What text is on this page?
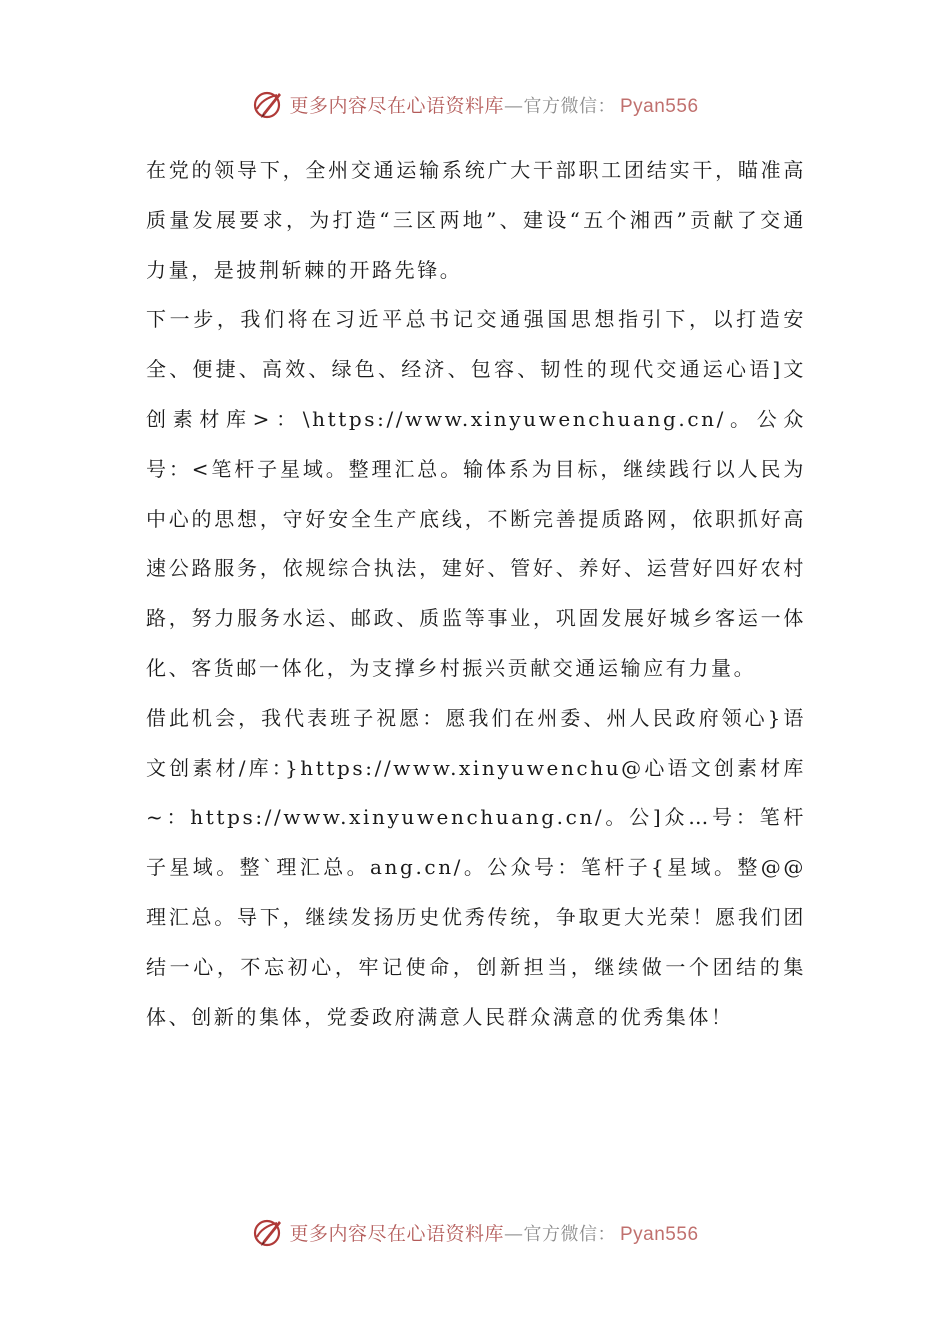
更多内容尽在心语资料库—官方微信： Pyan556

在党的领导下，全州交通运输系统广大干部职工团结实干，瞄准高质量发展要求，为打造“三区两地”、建设“五个湘西”贡献了交通力量，是披荆斩棘的开路先锋。

下一步，我们将在习近平总书记交通强国思想指引下，以打造安全、便捷、高效、绿色、经济、包容、韧性的现代交通运心语]文创素材库>：\https://www.xinyuwenchuang.cn/。公众号：<笔杆子星域。整理汇总。输体系为目标，继续践行以人民为中心的思想，守好安全生产底线，不断完善提质路网，依职抓好高速公路服务，依规综合执法，建好、管好、养好、运营好四好农村路，努力服务水运、邮政、质监等事业，巩固发展好城乡客运一体化、客货邮一体化，为支撑乡村振兴贡献交通运输应有力量。

借此机会，我代表班子祝愿：愿我们在州委、州人民政府领心}语文创素材/库：}https://www.xinyuwenchu@心语文创素材库~：https://www.xinyuwenchuang.cn/。公]众…号：笔杆子星域。整`理汇总。ang.cn/。公众号：笔杆子{星域。整@@理汇总。导下，继续发扬历史优秀传统，争取更大光荣！愿我们团结一心，不忘初心，牢记使命，创新担当，继续做一个团结的集体、创新的集体，党委政府满意人民群众满意的优秀集体！

更多内容尽在心语资料库—官方微信： Pyan556
